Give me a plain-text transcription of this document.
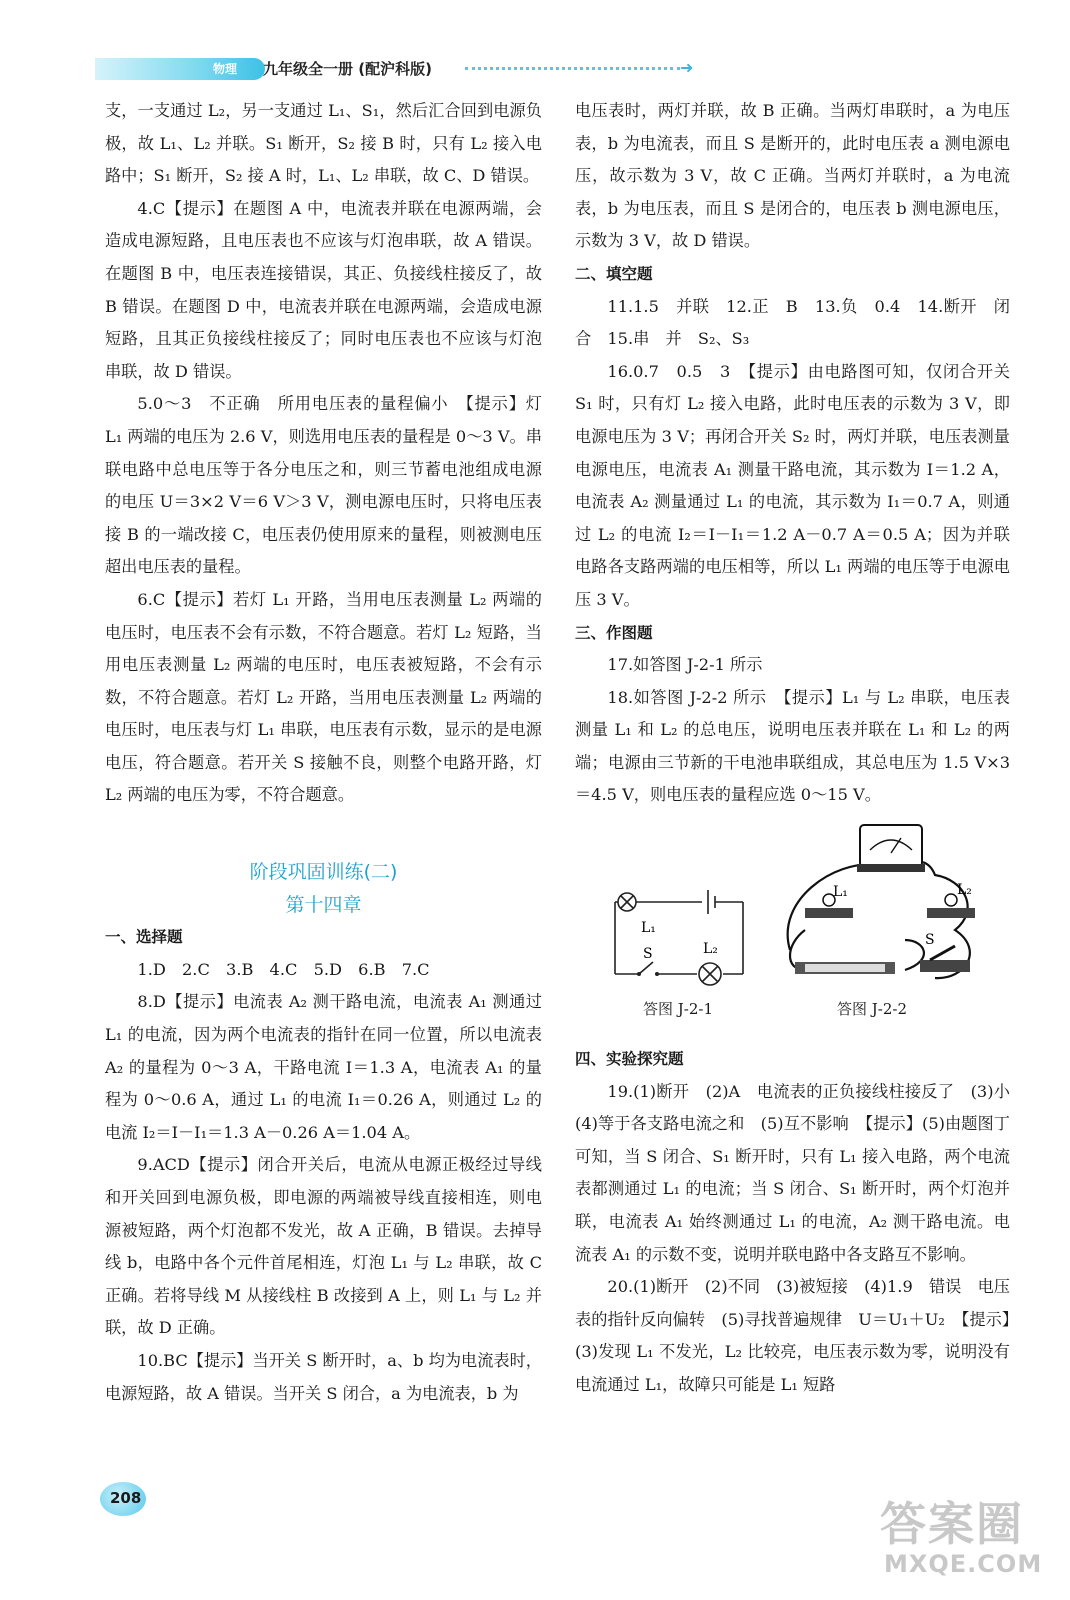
物理 九年级全一册 (配沪科版)	➜

支，一支通过 L₂，另一支通过 L₁、S₁，然后汇合回到电源负极，故 L₁、L₂ 并联。S₁ 断开，S₂ 接 B 时，只有 L₂ 接入电路中；S₁ 断开，S₂ 接 A 时，L₁、L₂ 串联，故 C、D 错误。

4.C【提示】在题图 A 中，电流表并联在电源两端，会造成电源短路，且电压表也不应该与灯泡串联，故 A 错误。在题图 B 中，电压表连接错误，其正、负接线柱接反了，故 B 错误。在题图 D 中，电流表并联在电源两端，会造成电源短路，且其正负接线柱接反了；同时电压表也不应该与灯泡串联，故 D 错误。

5.0～3　不正确　所用电压表的量程偏小　【提示】灯 L₁ 两端的电压为 2.6 V，则选用电压表的量程是 0～3 V。串联电路中总电压等于各分电压之和，则三节蓄电池组成电源的电压 U＝3×2 V＝6 V＞3 V，测电源电压时，只将电压表接 B 的一端改接 C，电压表仍使用原来的量程，则被测电压超出电压表的量程。

6.C【提示】若灯 L₁ 开路，当用电压表测量 L₂ 两端的电压时，电压表不会有示数，不符合题意。若灯 L₂ 短路，当用电压表测量 L₂ 两端的电压时，电压表被短路，不会有示数，不符合题意。若灯 L₂ 开路，当用电压表测量 L₂ 两端的电压时，电压表与灯 L₁ 串联，电压表有示数，显示的是电源电压，符合题意。若开关 S 接触不良，则整个电路开路，灯 L₂ 两端的电压为零，不符合题意。

阶段巩固训练(二)

第十四章

一、选择题

1.D　2.C　3.B　4.C　5.D　6.B　7.C

8.D【提示】电流表 A₂ 测干路电流，电流表 A₁ 测通过 L₁ 的电流，因为两个电流表的指针在同一位置，所以电流表 A₂ 的量程为 0～3 A，干路电流 I＝1.3 A，电流表 A₁ 的量程为 0～0.6 A，通过 L₁ 的电流 I₁＝0.26 A，则通过 L₂ 的电流 I₂＝I－I₁＝1.3 A－0.26 A＝1.04 A。

9.ACD【提示】闭合开关后，电流从电源正极经过导线和开关回到电源负极，即电源的两端被导线直接相连，则电源被短路，两个灯泡都不发光，故 A 正确，B 错误。去掉导线 b，电路中各个元件首尾相连，灯泡 L₁ 与 L₂ 串联，故 C 正确。若将导线 M 从接线柱 B 改接到 A 上，则 L₁ 与 L₂ 并联，故 D 正确。

10.BC【提示】当开关 S 断开时，a、b 均为电流表时，电源短路，故 A 错误。当开关 S 闭合，a 为电流表，b 为

电压表时，两灯并联，故 B 正确。当两灯串联时，a 为电压表，b 为电流表，而且 S 是断开的，此时电压表 a 测电源电压，故示数为 3 V，故 C 正确。当两灯并联时，a 为电流表，b 为电压表，而且 S 是闭合的，电压表 b 测电源电压，示数为 3 V，故 D 错误。

二、填空题

11.1.5　并联　12.正　B　13.负　0.4　14.断开　闭合　15.串　并　S₂、S₃

16.0.7　0.5　3　【提示】由电路图可知，仅闭合开关 S₁ 时，只有灯 L₂ 接入电路，此时电压表的示数为 3 V，即电源电压为 3 V；再闭合开关 S₂ 时，两灯并联，电压表测量电源电压，电流表 A₁ 测量干路电流，其示数为 I＝1.2 A，电流表 A₂ 测量通过 L₁ 的电流，其示数为 I₁＝0.7 A，则通过 L₂ 的电流 I₂＝I－I₁＝1.2 A－0.7 A＝0.5 A；因为并联电路各支路两端的电压相等，所以 L₁ 两端的电压等于电源电压 3 V。

三、作图题

17.如答图 J-2-1 所示

18.如答图 J-2-2 所示　【提示】L₁ 与 L₂ 串联，电压表测量 L₁ 和 L₂ 的总电压，说明电压表并联在 L₁ 和 L₂ 的两端；电源由三节新的干电池串联组成，其总电压为 1.5 V×3＝4.5 V，则电压表的量程应选 0～15 V。

L₁
S	L₂
L₁	L₂
S
答图 J-2-1	答图 J-2-2

四、实验探究题

19.(1)断开　(2)A　电流表的正负接线柱接反了　(3)小　(4)等于各支路电流之和　(5)互不影响　【提示】(5)由题图丁可知，当 S 闭合、S₁ 断开时，只有 L₁ 接入电路，两个电流表都测通过 L₁ 的电流；当 S 闭合、S₁ 断开时，两个灯泡并联，电流表 A₁ 始终测通过 L₁ 的电流，A₂ 测干路电流。电流表 A₁ 的示数不变，说明并联电路中各支路互不影响。

20.(1)断开　(2)不同　(3)被短接　(4)1.9　错误　电压表的指针反向偏转　(5)寻找普遍规律　U＝U₁＋U₂　【提示】(3)发现 L₁ 不发光，L₂ 比较亮，电压表示数为零，说明没有电流通过 L₁，故障只可能是 L₁ 短路

208	答案圈
MXQE.COM
